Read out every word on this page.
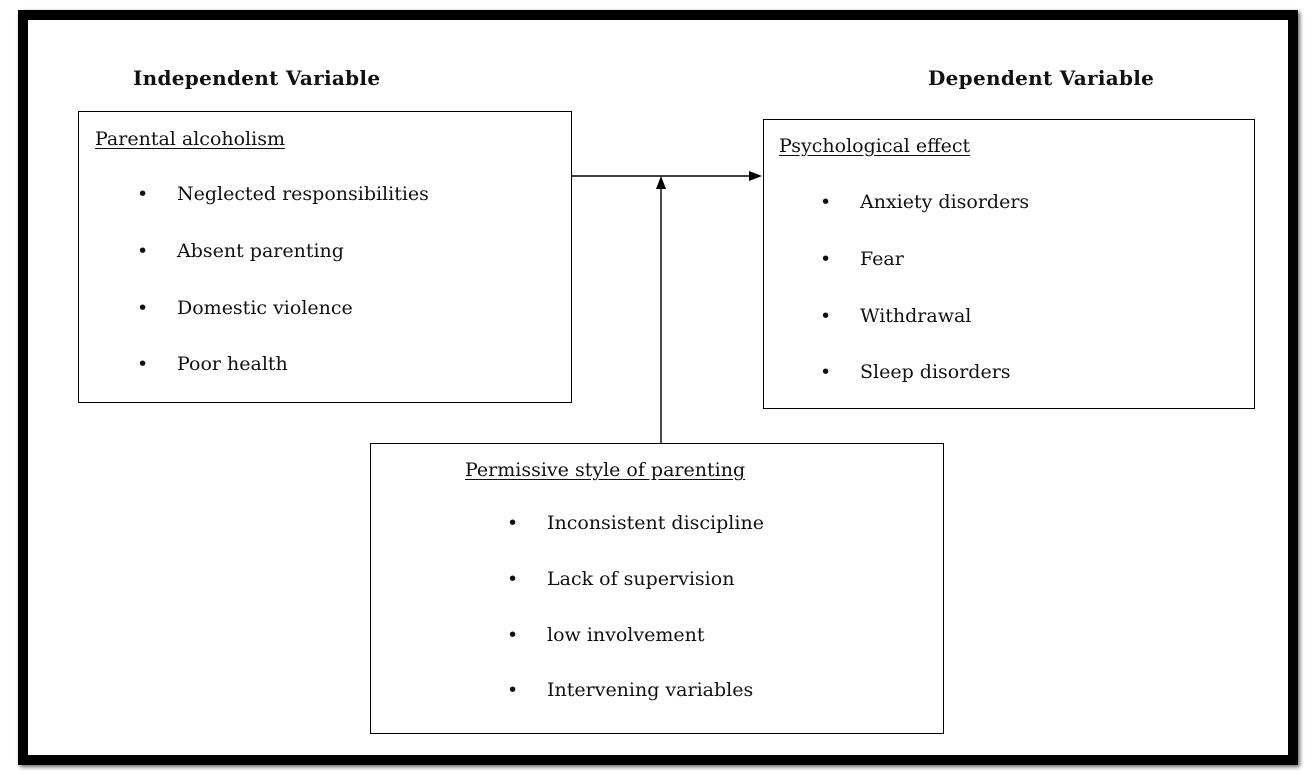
Independent Variable	Dependent Variable
Parental alcoholism
• Neglected responsibilities
• Absent parenting
• Domestic violence
• Poor health
Psychological effect
• Anxiety disorders
• Fear
• Withdrawal
• Sleep disorders
Permissive style of parenting
• Inconsistent discipline
• Lack of supervision
• low involvement
• Intervening variables
